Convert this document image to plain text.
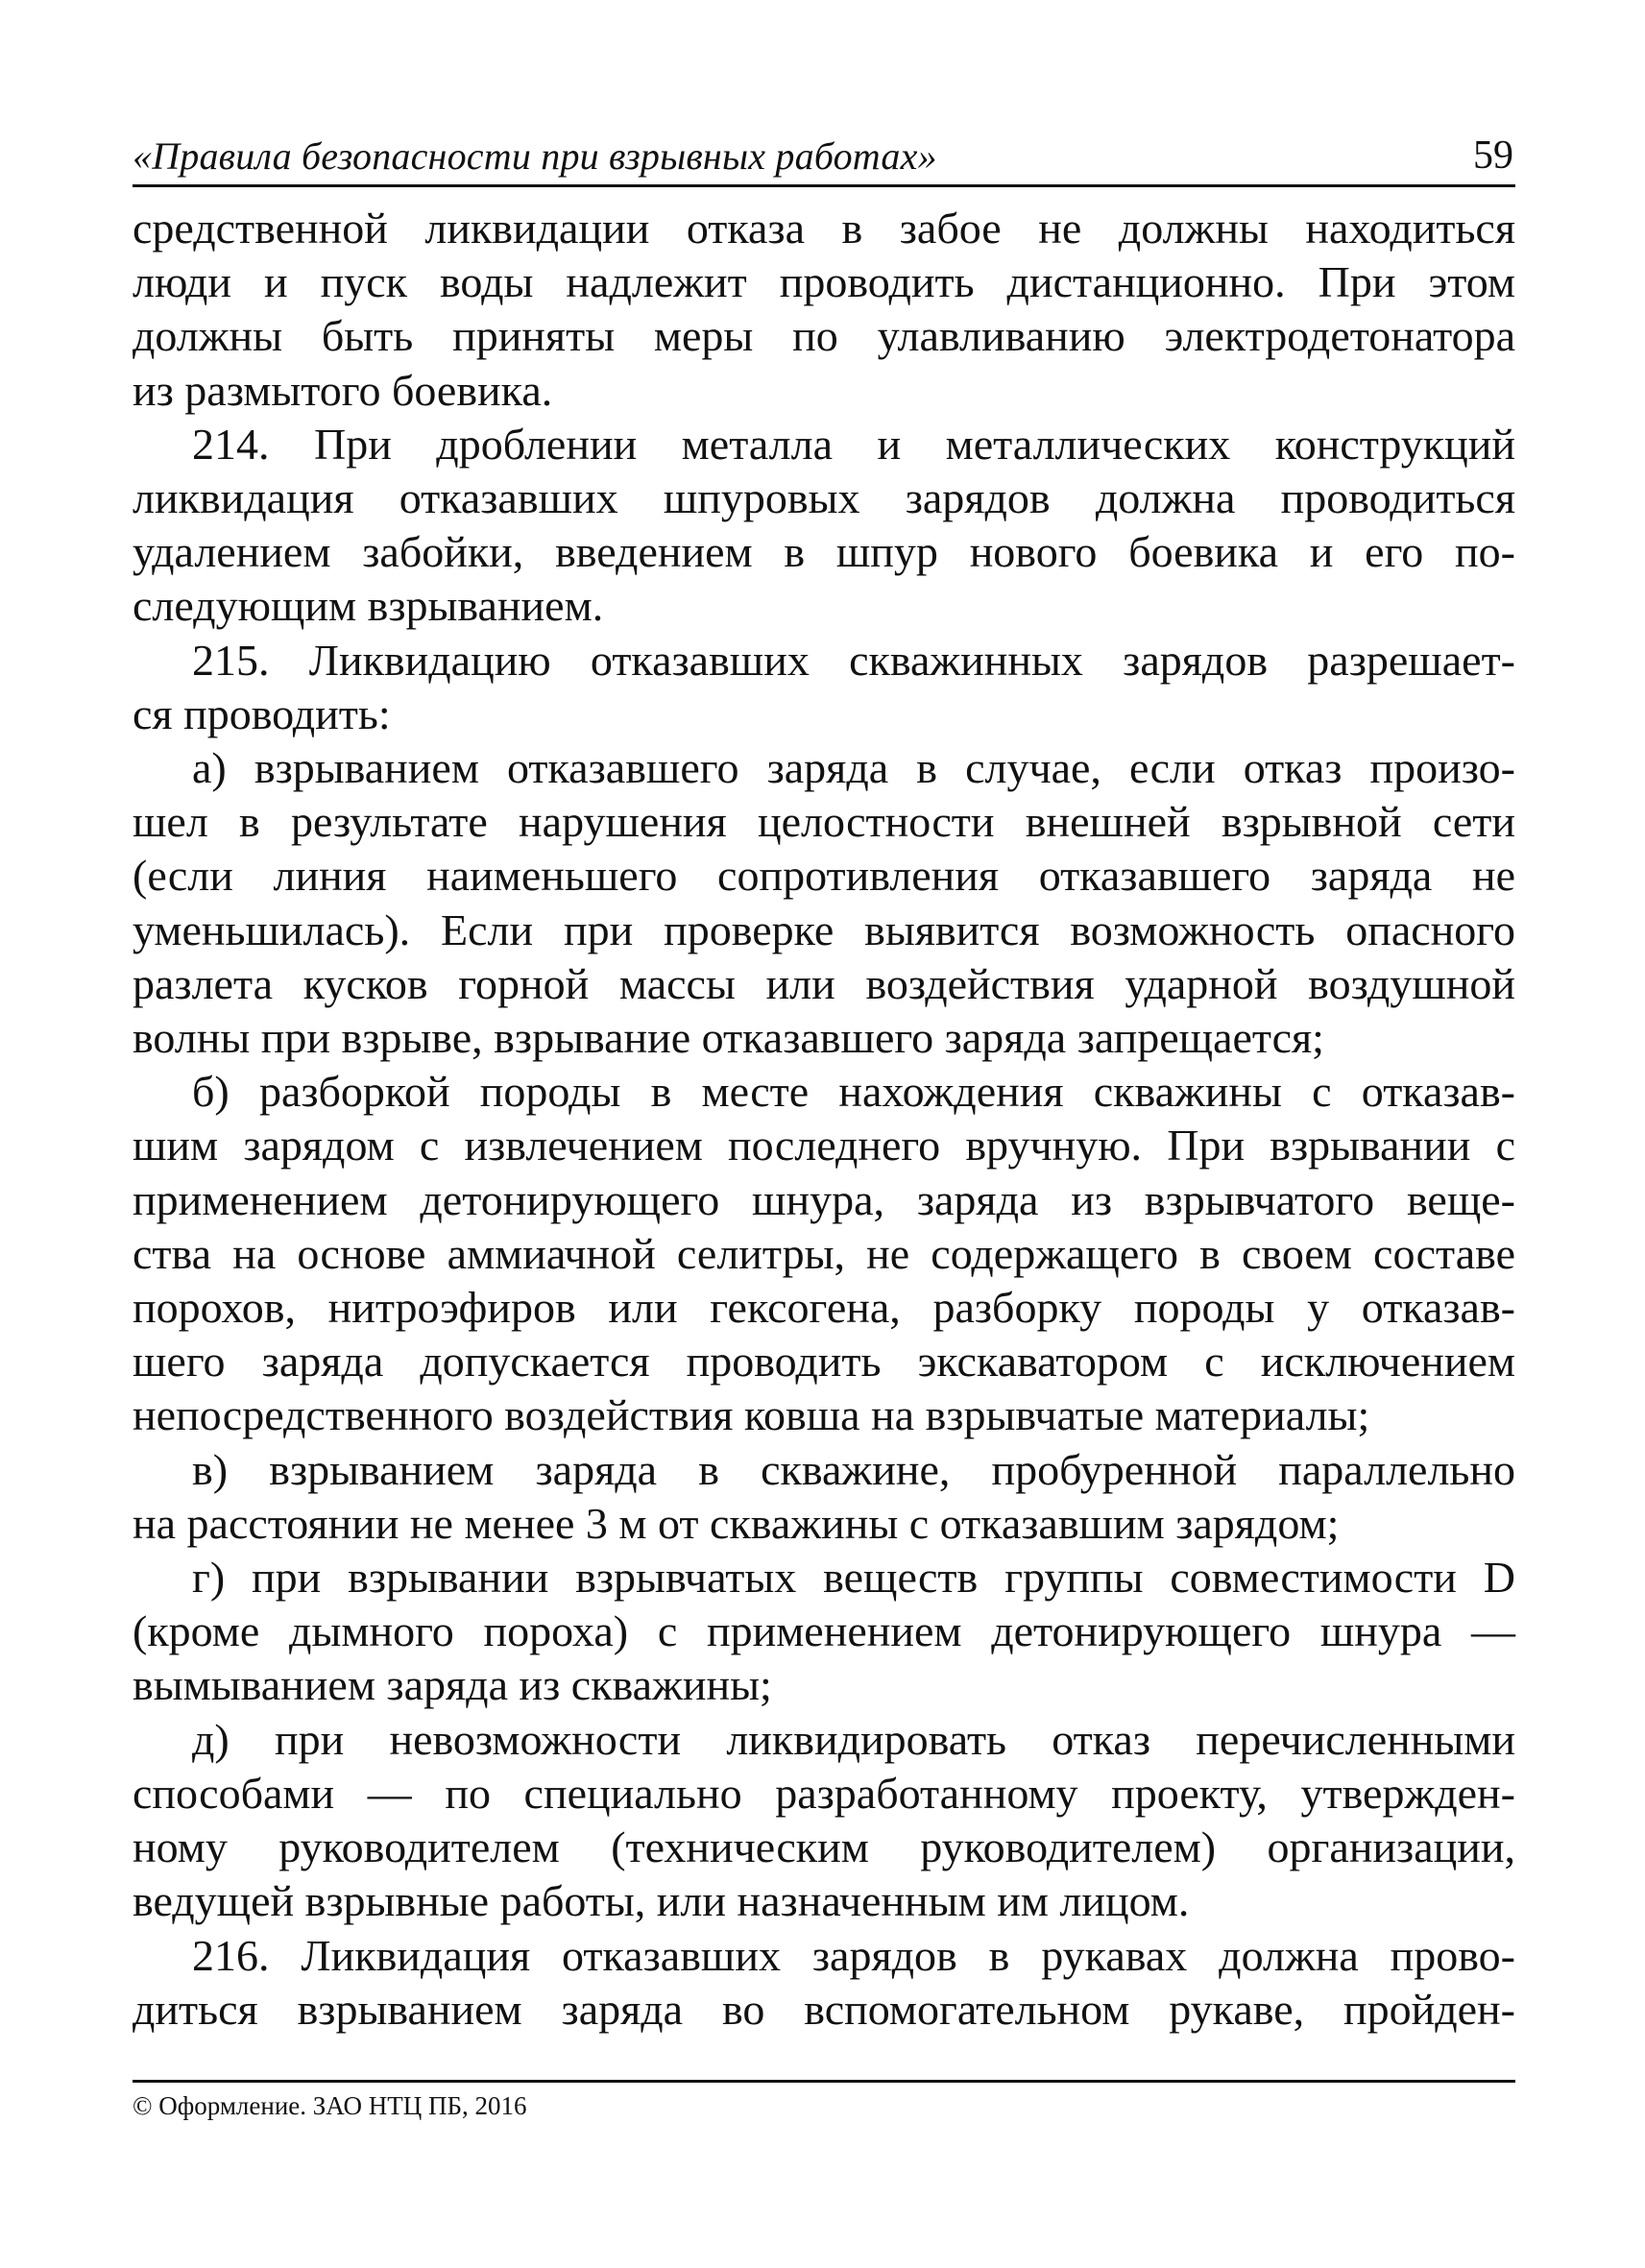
«Правила безопасности при взрывных работах»	59

средственной ликвидации отказа в забое не должны находиться
люди и пуск воды надлежит проводить дистанционно. При этом
должны быть приняты меры по улавливанию электродетонатора
из размытого боевика.

214. При дроблении металла и металлических конструкций
ликвидация отказавших шпуровых зарядов должна проводиться
удалением забойки, введением в шпур нового боевика и его по-
следующим взрыванием.

215. Ликвидацию отказавших скважинных зарядов разрешает-
ся проводить:

а) взрыванием отказавшего заряда в случае, если отказ произо-
шел в результате нарушения целостности внешней взрывной сети
(если линия наименьшего сопротивления отказавшего заряда не
уменьшилась). Если при проверке выявится возможность опасного
разлета кусков горной массы или воздействия ударной воздушной
волны при взрыве, взрывание отказавшего заряда запрещается;

б) разборкой породы в месте нахождения скважины с отказав-
шим зарядом с извлечением последнего вручную. При взрывании с
применением детонирующего шнура, заряда из взрывчатого веще-
ства на основе аммиачной селитры, не содержащего в своем составе
порохов, нитроэфиров или гексогена, разборку породы у отказав-
шего заряда допускается проводить экскаватором с исключением
непосредственного воздействия ковша на взрывчатые материалы;

в) взрыванием заряда в скважине, пробуренной параллельно
на расстоянии не менее 3 м от скважины с отказавшим зарядом;

г) при взрывании взрывчатых веществ группы совместимости D
(кроме дымного пороха) с применением детонирующего шнура —
вымыванием заряда из скважины;

д) при невозможности ликвидировать отказ перечисленными
способами — по специально разработанному проекту, утвержден-
ному руководителем (техническим руководителем) организации,
ведущей взрывные работы, или назначенным им лицом.

216. Ликвидация отказавших зарядов в рукавах должна прово-
диться взрыванием заряда во вспомогательном рукаве, пройден-

© Оформление. ЗАО НТЦ ПБ, 2016
